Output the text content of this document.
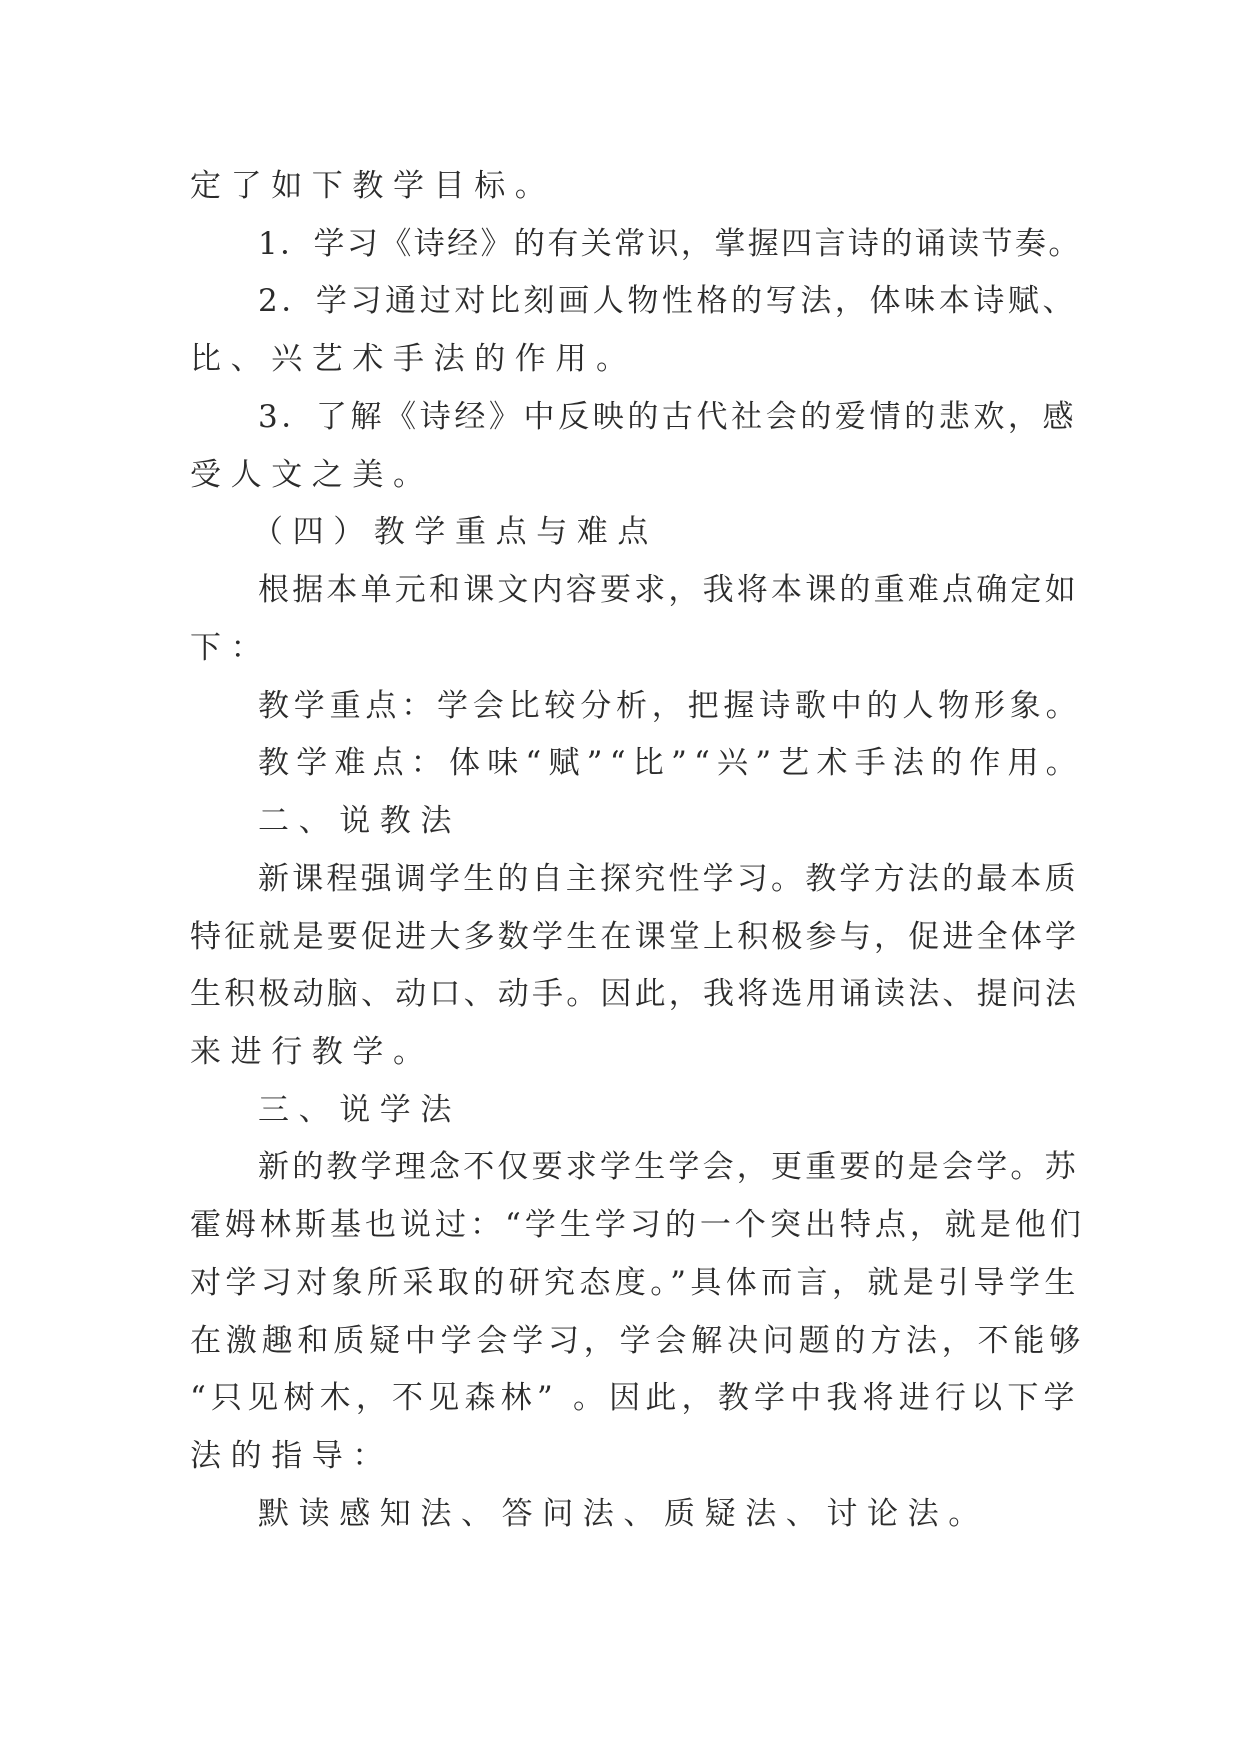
定了如下教学目标。
1．学习《诗经》的有关常识，掌握四言诗的诵读节奏。
2．学习通过对比刻画人物性格的写法，体味本诗赋、
比、兴艺术手法的作用。
3．了解《诗经》中反映的古代社会的爱情的悲欢，感
受人文之美。
（四）教学重点与难点
根据本单元和课文内容要求，我将本课的重难点确定如
下：
教学重点：学会比较分析，把握诗歌中的人物形象。
教学难点：体味“赋”“比”“兴”艺术手法的作用。
二、说教法
新课程强调学生的自主探究性学习。教学方法的最本质
特征就是要促进大多数学生在课堂上积极参与，促进全体学
生积极动脑、动口、动手。因此，我将选用诵读法、提问法
来进行教学。
三、说学法
新的教学理念不仅要求学生学会，更重要的是会学。苏
霍姆林斯基也说过：“学生学习的一个突出特点，就是他们
对学习对象所采取的研究态度。”具体而言，就是引导学生
在激趣和质疑中学会学习，学会解决问题的方法，不能够
“只见树木，不见森林” 。因此，教学中我将进行以下学
法的指导：
默读感知法、答问法、质疑法、讨论法。
